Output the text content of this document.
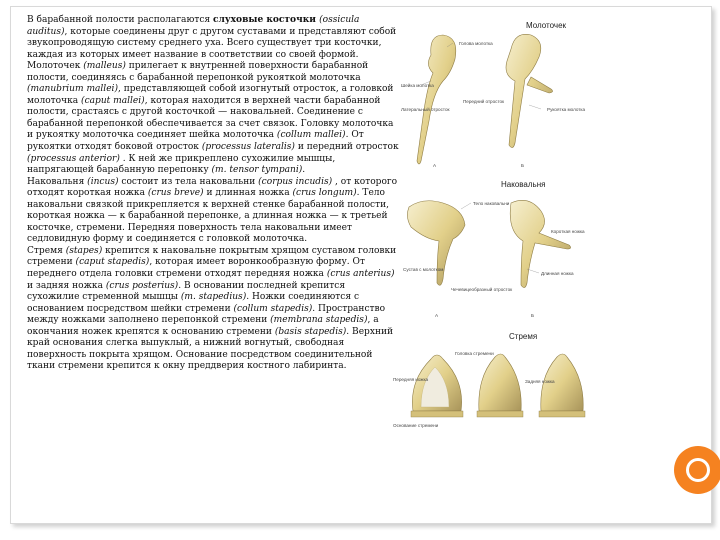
В барабанной полости располагаются слуховые косточки (ossicula auditus), которые соединены друг с другом суставами и представляют собой звукопроводящую систему среднего уха. Всего существует три косточки, каждая из которых имеет название в соответствии со своей формой.

Молоточек (malleus) прилегает к внутренней поверхности барабанной полости, соединяясь с барабанной перепонкой рукояткой молоточка (manubrium mallei), представляющей собой изогнутый отросток, а головкой молоточка (caput mallei), которая находится в верхней части барабанной полости, срастаясь с другой косточкой — наковальней. Соединение с барабанной перепонкой обеспечивается за счет связок. Головку молоточка и рукоятку молоточка соединяет шейка молоточка (collum mallei). От рукоятки отходят боковой отросток (processus lateralis) и передний отросток (processus anterior) . К ней же прикреплено сухожилие мышцы, напрягающей барабанную перепонку (m. tensor tympani).

Наковальня (incus) состоит из тела наковальни (corpus incudis) , от которого отходят короткая ножка (crus breve) и длинная ножка (crus longum). Тело наковальни связкой прикрепляется к верхней стенке барабанной полости, короткая ножка — к барабанной перепонке, а длинная ножка — к третьей косточке, стремени. Передняя поверхность тела наковальни имеет седловидную форму и соединяется с головкой молоточка.

Стремя (stapes) крепится к наковальне покрытым хрящом суставом головки стремени (caput stapedis), которая имеет воронкообразную форму. От переднего отдела головки стремени отходят передняя ножка (crus anterius) и задняя ножка (crus posterius). В основании последней крепится сухожилие стременной мышцы (m. stapedius). Ножки соединяются с основанием посредством шейки стремени (collum stapedis). Пространство между ножками заполнено перепонкой стремени (membrana stapedis), а окончания ножек крепятся к основанию стремени (basis stapedis). Верхний край основания слегка выпуклый, а нижний вогнутый, свободная поверхность покрыта хрящом. Основание посредством соединительной ткани стремени крепится к окну преддверия костного лабиринта.

Молоточек
Голова молотка
Шейка молотка
Передний отросток
Латеральный отросток	Рукоятка молотка
А	Б
Наковальня
Тело наковальни
Короткая ножка
Длинная ножка
Сустав с молотком
Чечевицеобразный отросток
А	Б
Стремя
Головка стремени
Передняя ножка	Задняя ножка
Основание стремени
